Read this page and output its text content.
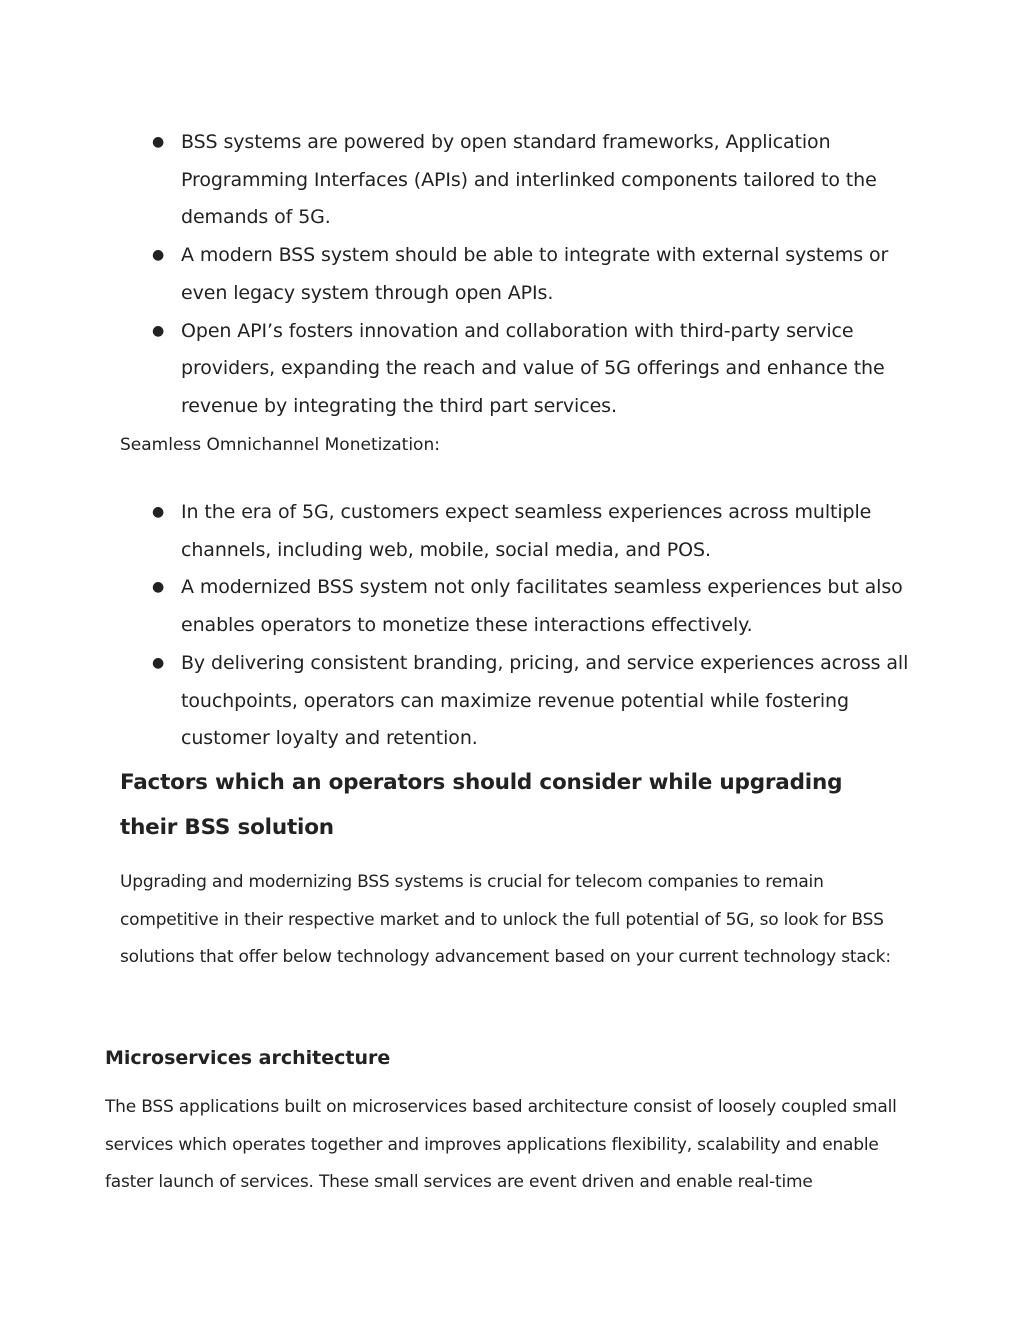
● BSS systems are powered by open standard frameworks, Application Programming Interfaces (APIs) and interlinked components tailored to the demands of 5G.
● A modern BSS system should be able to integrate with external systems or even legacy system through open APIs.
● Open API’s fosters innovation and collaboration with third-party service providers, expanding the reach and value of 5G offerings and enhance the revenue by integrating the third part services.
Seamless Omnichannel Monetization:
● In the era of 5G, customers expect seamless experiences across multiple channels, including web, mobile, social media, and POS.
● A modernized BSS system not only facilitates seamless experiences but also enables operators to monetize these interactions effectively.
● By delivering consistent branding, pricing, and service experiences across all touchpoints, operators can maximize revenue potential while fostering customer loyalty and retention.
Factors which an operators should consider while upgrading their BSS solution

Upgrading and modernizing BSS systems is crucial for telecom companies to remain competitive in their respective market and to unlock the full potential of 5G, so look for BSS solutions that offer below technology advancement based on your current technology stack:

Microservices architecture

The BSS applications built on microservices based architecture consist of loosely coupled small services which operates together and improves applications flexibility, scalability and enable faster launch of services. These small services are event driven and enable real-time
